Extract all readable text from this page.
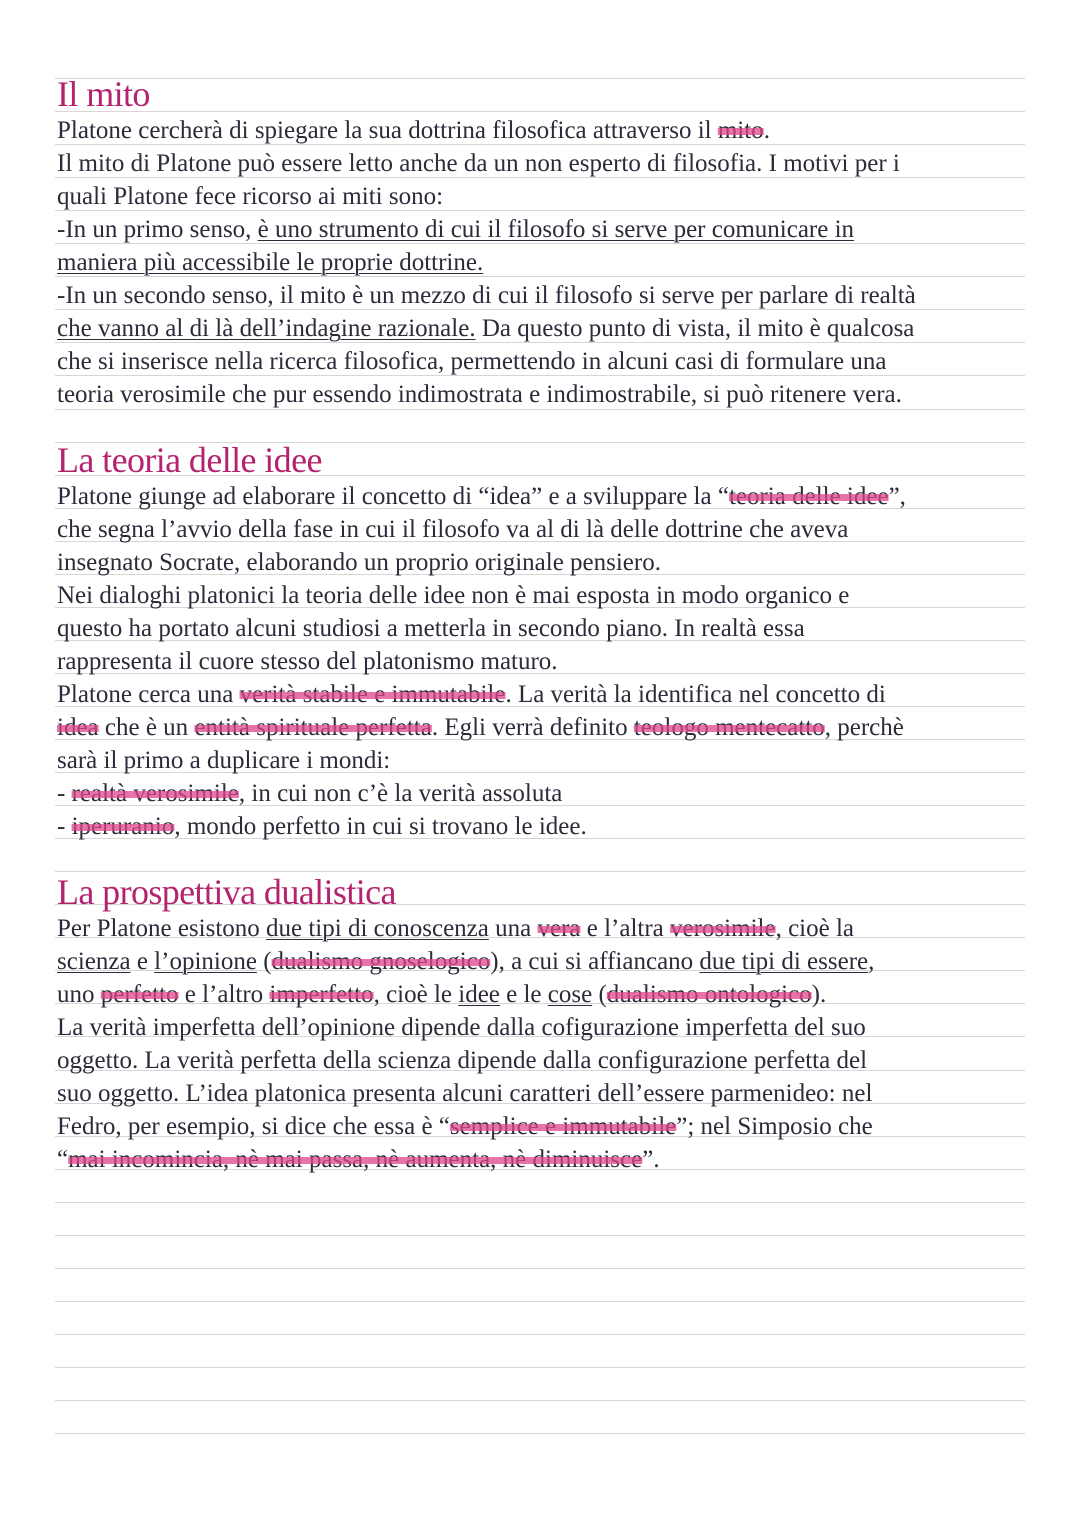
Il mito
Platone cercherà di spiegare la sua dottrina filosofica attraverso il mito.
Il mito di Platone può essere letto anche da un non esperto di filosofia. I motivi per i
quali Platone fece ricorso ai miti sono:
-In un primo senso, è uno strumento di cui il filosofo si serve per comunicare in
maniera più accessibile le proprie dottrine.
-In un secondo senso, il mito è un mezzo di cui il filosofo si serve per parlare di realtà
che vanno al di là dell’indagine razionale. Da questo punto di vista, il mito è qualcosa
che si inserisce nella ricerca filosofica, permettendo in alcuni casi di formulare una
teoria verosimile che pur essendo indimostrata e indimostrabile, si può ritenere vera.
La teoria delle idee
Platone giunge ad elaborare il concetto di “idea” e a sviluppare la “teoria delle idee”,
che segna l’avvio della fase in cui il filosofo va al di là delle dottrine che aveva
insegnato Socrate, elaborando un proprio originale pensiero.
Nei dialoghi platonici la teoria delle idee non è mai esposta in modo organico e
questo ha portato alcuni studiosi a metterla in secondo piano. In realtà essa
rappresenta il cuore stesso del platonismo maturo.
Platone cerca una verità stabile e immutabile. La verità la identifica nel concetto di
idea che è un entità spirituale perfetta. Egli verrà definito teologo mentecatto, perchè
sarà il primo a duplicare i mondi:
- realtà verosimile, in cui non c’è la verità assoluta
- iperuranio, mondo perfetto in cui si trovano le idee.
La prospettiva dualistica
Per Platone esistono due tipi di conoscenza una vera e l’altra verosimile, cioè la
scienza e l’opinione (dualismo gnoselogico), a cui si affiancano due tipi di essere,
uno perfetto e l’altro imperfetto, cioè le idee e le cose (dualismo ontologico).
La verità imperfetta dell’opinione dipende dalla cofigurazione imperfetta del suo
oggetto. La verità perfetta della scienza dipende dalla configurazione perfetta del
suo oggetto. L’idea platonica presenta alcuni caratteri dell’essere parmenideo: nel
Fedro, per esempio, si dice che essa è “semplice e immutabile”; nel Simposio che
“mai incomincia, nè mai passa, nè aumenta, nè diminuisce”.
